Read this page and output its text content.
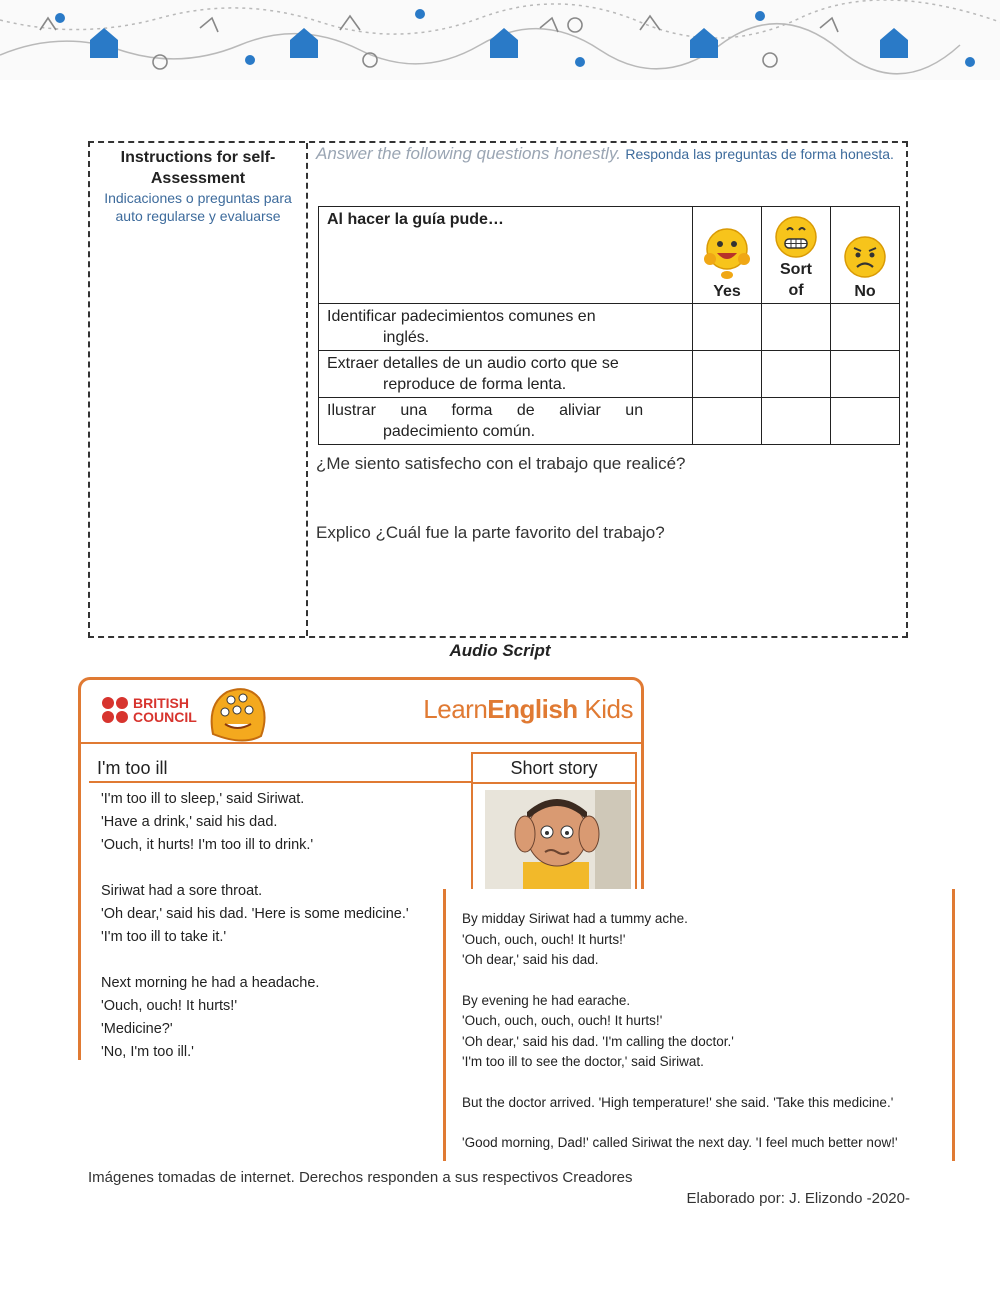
Instructions for self-Assessment
Indicaciones o preguntas para auto regularse y evaluarse
Answer the following questions honestly. Responda las preguntas de forma honesta.
Al hacer la guía pude…	Yes	Sort of	No
Identificar padecimientos comunes en
inglés.			

Extraer detalles de un audio corto que se
reproduce de forma lenta.			

Ilustrar una forma de aliviar un
padecimiento común.			

¿Me siento satisfecho con el trabajo que realicé?
Explico ¿Cuál fue la parte favorito del trabajo?
Audio Script
BRITISH
COUNCIL	LearnEnglish Kids
I'm too ill	Short story
'I'm too ill to sleep,' said Siriwat.
'Have a drink,' said his dad.
'Ouch, it hurts! I'm too ill to drink.'
Siriwat had a sore throat.
'Oh dear,' said his dad. 'Here is some medicine.'
'I'm too ill to take it.'
Next morning he had a headache.
'Ouch, ouch! It hurts!'
'Medicine?'
'No, I'm too ill.'
By midday Siriwat had a tummy ache.
'Ouch, ouch, ouch! It hurts!'
'Oh dear,' said his dad.
By evening he had earache.
'Ouch, ouch, ouch, ouch! It hurts!'
'Oh dear,' said his dad. 'I'm calling the doctor.'
'I'm too ill to see the doctor,' said Siriwat.
But the doctor arrived. 'High temperature!' she said. 'Take this medicine.'
'Good morning, Dad!' called Siriwat the next day. 'I feel much better now!'
Imágenes tomadas de internet. Derechos responden a sus respectivos Creadores
Elaborado por: J. Elizondo -2020-
